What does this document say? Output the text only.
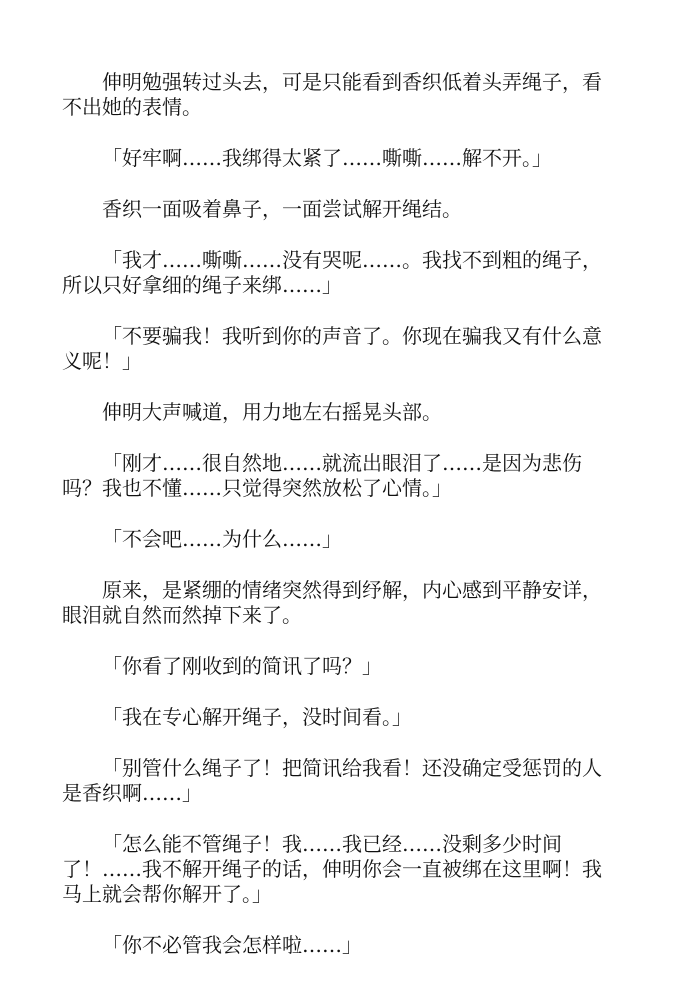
伸明勉强转过头去，可是只能看到香织低着头弄绳子，看
不出她的表情。

「好牢啊……我绑得太紧了……嘶嘶……解不开。」

香织一面吸着鼻子，一面尝试解开绳结。

「我才……嘶嘶……没有哭呢……。我找不到粗的绳子，
所以只好拿细的绳子来绑……」

「不要骗我！我听到你的声音了。你现在骗我又有什么意
义呢！」

伸明大声喊道，用力地左右摇晃头部。

「刚才……很自然地……就流出眼泪了……是因为悲伤
吗？我也不懂……只觉得突然放松了心情。」

「不会吧……为什么……」

原来，是紧绷的情绪突然得到纾解，内心感到平静安详，
眼泪就自然而然掉下来了。

「你看了刚收到的简讯了吗？」

「我在专心解开绳子，没时间看。」

「别管什么绳子了！把简讯给我看！还没确定受惩罚的人
是香织啊……」

「怎么能不管绳子！我……我已经……没剩多少时间
了！……我不解开绳子的话，伸明你会一直被绑在这里啊！我
马上就会帮你解开了。」

「你不必管我会怎样啦……」
